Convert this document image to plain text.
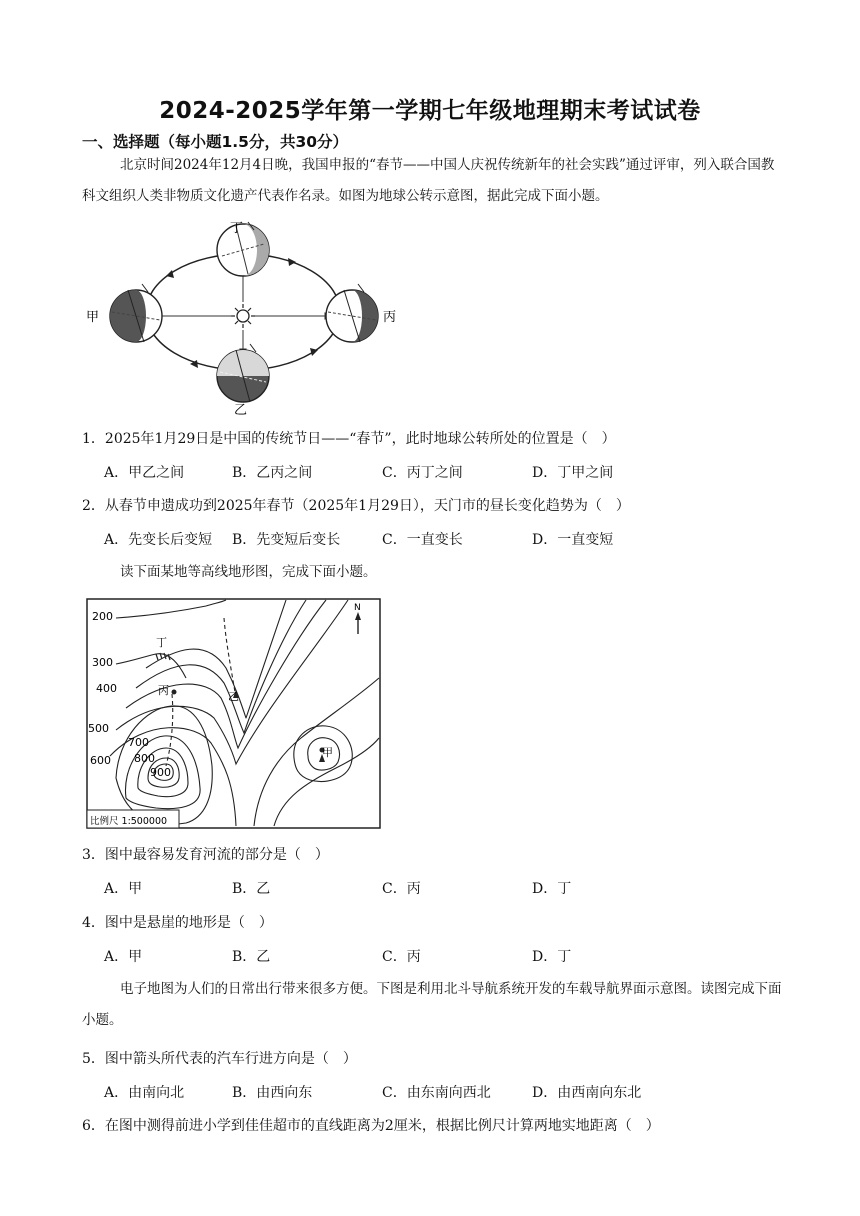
2024-2025学年第一学期七年级地理期末考试试卷
一、选择题（每小题1.5分，共30分）
北京时间2024年12月4日晚，我国申报的“春节——中国人庆祝传统新年的社会实践”通过评审，列入联合国教科文组织人类非物质文化遗产代表作名录。如图为地球公转示意图，据此完成下面小题。
甲	丙
丁
乙
1．2025年1月29日是中国的传统节日——“春节”，此时地球公转所处的位置是（　）
A．甲乙之间	B．乙丙之间	C．丙丁之间	D．丁甲之间
2．从春节申遗成功到2025年春节（2025年1月29日），天门市的昼长变化趋势为（　）
A．先变长后变短 B．先变短后变长	C．一直变长	D．一直变短
读下面某地等高线地形图，完成下面小题。
N
200
300
400
500
600
700
800
900
甲
乙
丙
丁
比例尺 1:500000
3．图中最容易发育河流的部分是（　）
A．甲	B．乙	C．丙	D．丁
4．图中是悬崖的地形是（　）
A．甲	B．乙	C．丙	D．丁
电子地图为人们的日常出行带来很多方便。下图是利用北斗导航系统开发的车载导航界面示意图。读图完成下面小题。
5．图中箭头所代表的汽车行进方向是（　）
A．由南向北	B．由西向东	C．由东南向西北	D．由西南向东北
6．在图中测得前进小学到佳佳超市的直线距离为2厘米，根据比例尺计算两地实地距离（　）
